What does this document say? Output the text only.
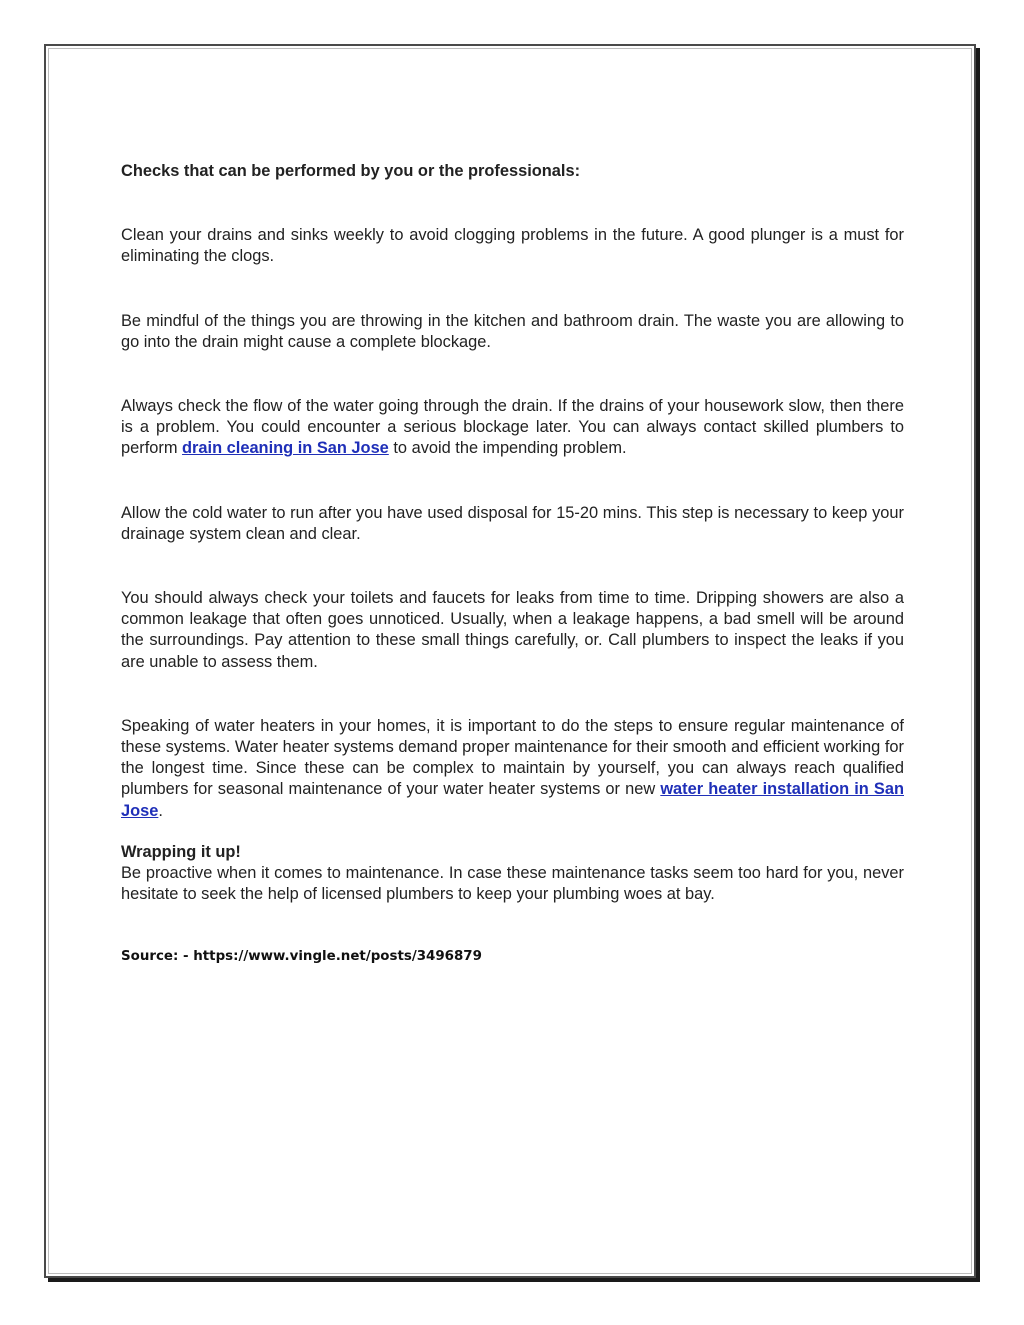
Checks that can be performed by you or the professionals:

Clean your drains and sinks weekly to avoid clogging problems in the future. A good plunger is a must for eliminating the clogs.

Be mindful of the things you are throwing in the kitchen and bathroom drain. The waste you are allowing to go into the drain might cause a complete blockage.

Always check the flow of the water going through the drain. If the drains of your housework slow, then there is a problem. You could encounter a serious blockage later. You can always contact skilled plumbers to perform drain cleaning in San Jose to avoid the impending problem.

Allow the cold water to run after you have used disposal for 15-20 mins. This step is necessary to keep your drainage system clean and clear.

You should always check your toilets and faucets for leaks from time to time. Dripping showers are also a common leakage that often goes unnoticed. Usually, when a leakage happens, a bad smell will be around the surroundings. Pay attention to these small things carefully, or. Call plumbers to inspect the leaks if you are unable to assess them.

Speaking of water heaters in your homes, it is important to do the steps to ensure regular maintenance of these systems. Water heater systems demand proper maintenance for their smooth and efficient working for the longest time. Since these can be complex to maintain by yourself, you can always reach qualified plumbers for seasonal maintenance of your water heater systems or new water heater installation in San Jose.

Wrapping it up!

Be proactive when it comes to maintenance. In case these maintenance tasks seem too hard for you, never hesitate to seek the help of licensed plumbers to keep your plumbing woes at bay.

Source: - https://www.vingle.net/posts/3496879
